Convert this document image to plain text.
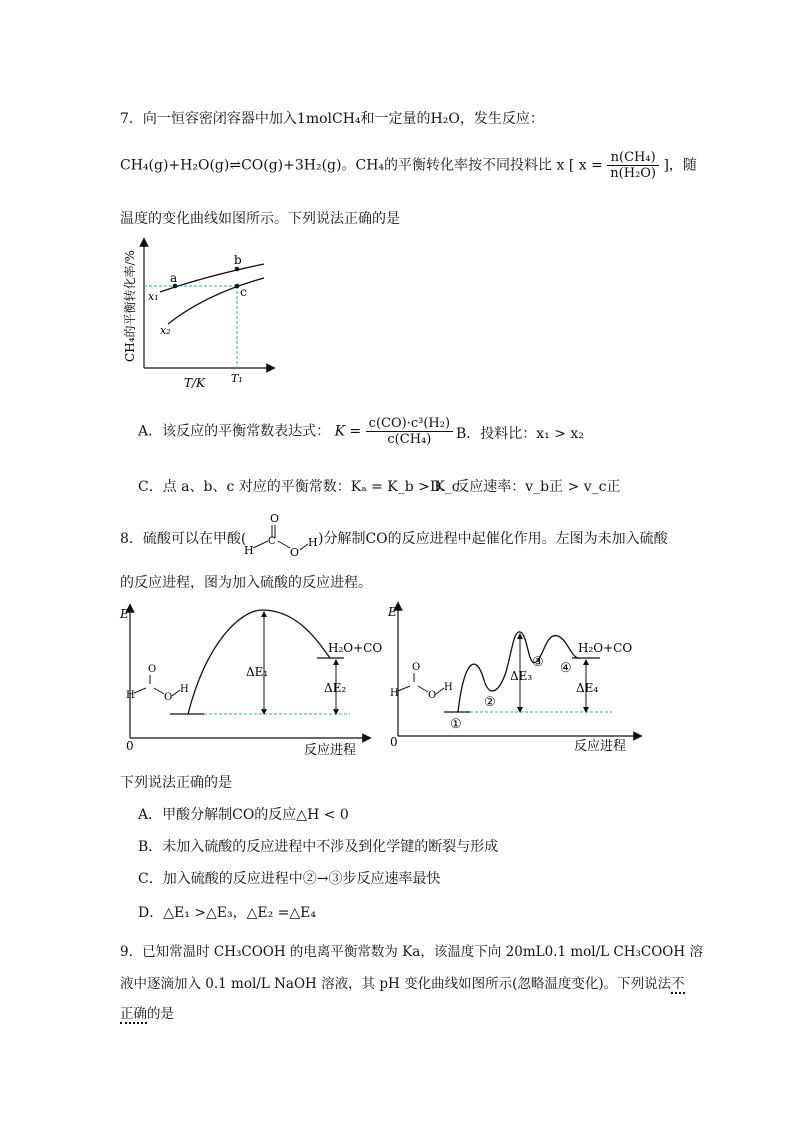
7．向一恒容密闭容器中加入1molCH₄和一定量的H₂O，发生反应：
CH₄(g)+H₂O(g)⇌CO(g)+3H₂(g)。CH₄的平衡转化率按不同投料比 x [ $x = \frac{\text{n(CH₄)}}{\text{n(H₂O)}}$ ]，随
温度的变化曲线如图所示。下列说法正确的是
CH₄的平衡转化率/%	a
b
c
x₁
x₂
T₁
T/K
A．该反应的平衡常数表达式： $K = \frac{\text{c(CO)·c³(H₂)}}{\text{c(CH₄)}}$ B．投料比：x₁ > x₂
C．点 a、b、c 对应的平衡常数：Kₐ = K_b > K_c
D．反应速率：v_b正 > v_c正
8．硫酸可以在甲酸(
O
H
C
O
H )分解制CO的反应进程中起催化作用。左图为未加入硫酸
的反应进程，图为加入硫酸的反应进程。
E
0	反应进程
ΔE₁
ΔE₂
H₂O+CO
O
H	O
H
E
0	反应进程
ΔE₃
ΔE₄
H₂O+CO
①
②
③ ④
O
H	O
H
下列说法正确的是
A．甲酸分解制CO的反应△H < 0
B．未加入硫酸的反应进程中不涉及到化学键的断裂与形成
C．加入硫酸的反应进程中②→③步反应速率最快
D．△E₁ >△E₃，△E₂ =△E₄
9．已知常温时 CH₃COOH 的电离平衡常数为 Ka，该温度下向 20mL0.1 mol/L CH₃COOH 溶
液中逐滴加入 0.1 mol/L NaOH 溶液，其 pH 变化曲线如图所示(忽略温度变化)。下列说法不
正确的是
